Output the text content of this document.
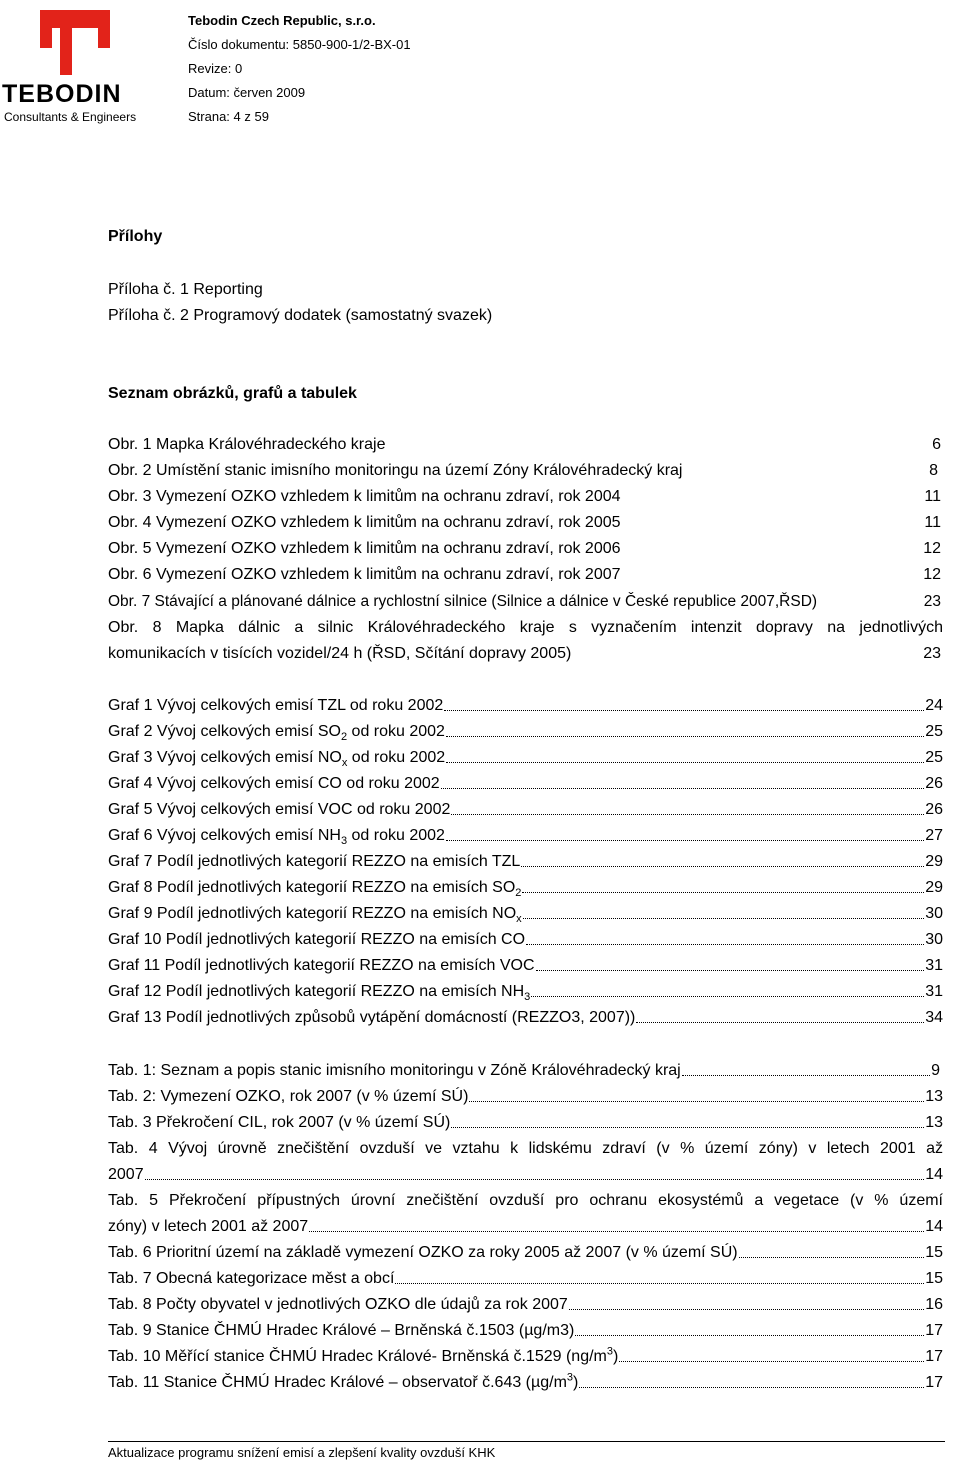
TEBODIN
Consultants & Engineers
Tebodin Czech Republic, s.r.o.
Číslo dokumentu: 5850-900-1/2-BX-01
Revize: 0
Datum: červen 2009
Strana: 4 z 59
Přílohy
Příloha č. 1 Reporting
Příloha č. 2 Programový dodatek (samostatný svazek)
Seznam obrázků, grafů a tabulek
Obr. 1 Mapka Královéhradeckého kraje	6
Obr. 2 Umístění stanic imisního monitoringu na území Zóny Královéhradecký kraj	8
Obr. 3 Vymezení OZKO vzhledem k limitům na ochranu zdraví, rok 2004	11
Obr. 4 Vymezení OZKO vzhledem k limitům na ochranu zdraví, rok 2005	11
Obr. 5 Vymezení OZKO vzhledem k limitům na ochranu zdraví, rok 2006	12
Obr. 6 Vymezení OZKO vzhledem k limitům na ochranu zdraví, rok 2007	12
Obr. 7 Stávající a plánované dálnice a rychlostní silnice (Silnice a dálnice v České republice 2007,ŘSD)	23
Obr. 8 Mapka dálnic a silnic Královéhradeckého kraje s vyznačením intenzit dopravy na jednotlivých
komunikacích v tisících vozidel/24 h (ŘSD, Sčítání dopravy 2005)	23
Graf 1 Vývoj celkových emisí TZL od roku 2002	24
Graf 2 Vývoj celkových emisí $SO_2$ od roku 2002	25
Graf 3 Vývoj celkových emisí $NO_x$ od roku 2002	25
Graf 4 Vývoj celkových emisí CO od roku 2002	26
Graf 5 Vývoj celkových emisí VOC od roku 2002	26
Graf 6 Vývoj celkových emisí $NH_3$ od roku 2002	27
Graf 7 Podíl jednotlivých kategorií REZZO na emisích TZL	29
Graf 8 Podíl jednotlivých kategorií REZZO na emisích $SO_2$	29
Graf 9 Podíl jednotlivých kategorií REZZO na emisích $NO_x$	30
Graf 10 Podíl jednotlivých kategorií REZZO na emisích CO	30
Graf 11 Podíl jednotlivých kategorií REZZO na emisích VOC	31
Graf 12 Podíl jednotlivých kategorií REZZO na emisích $NH_3$	31
Graf 13 Podíl jednotlivých způsobů vytápění domácností (REZZO3, 2007))	34
Tab. 1: Seznam a popis stanic imisního monitoringu v Zóně Královéhradecký kraj	9
Tab. 2: Vymezení OZKO, rok 2007 (v % území SÚ)	13
Tab. 3 Překročení CIL, rok 2007 (v % území SÚ)	13
Tab. 4 Vývoj úrovně znečištění ovzduší ve vztahu k lidskému zdraví (v % území zóny) v letech 2001 až
2007	14
Tab. 5 Překročení přípustných úrovní znečištění ovzduší pro ochranu ekosystémů a vegetace (v % území
zóny) v letech 2001 až 2007	14
Tab. 6 Prioritní území na základě vymezení OZKO za roky 2005 až 2007 (v % území SÚ)	15
Tab. 7 Obecná kategorizace měst a obcí	15
Tab. 8 Počty obyvatel v jednotlivých OZKO dle údajů za rok 2007	16
Tab. 9 Stanice ČHMÚ Hradec Králové – Brněnská č.1503 (µg/m3)	17
Tab. 10 Měřící stanice ČHMÚ Hradec Králové- Brněnská č.1529 $(ng/m^3)$	17
Tab. 11 Stanice ČHMÚ Hradec Králové – observatoř č.643 $(\mu g/m^3)$	17
Aktualizace programu snížení emisí a zlepšení kvality ovzduší KHK
